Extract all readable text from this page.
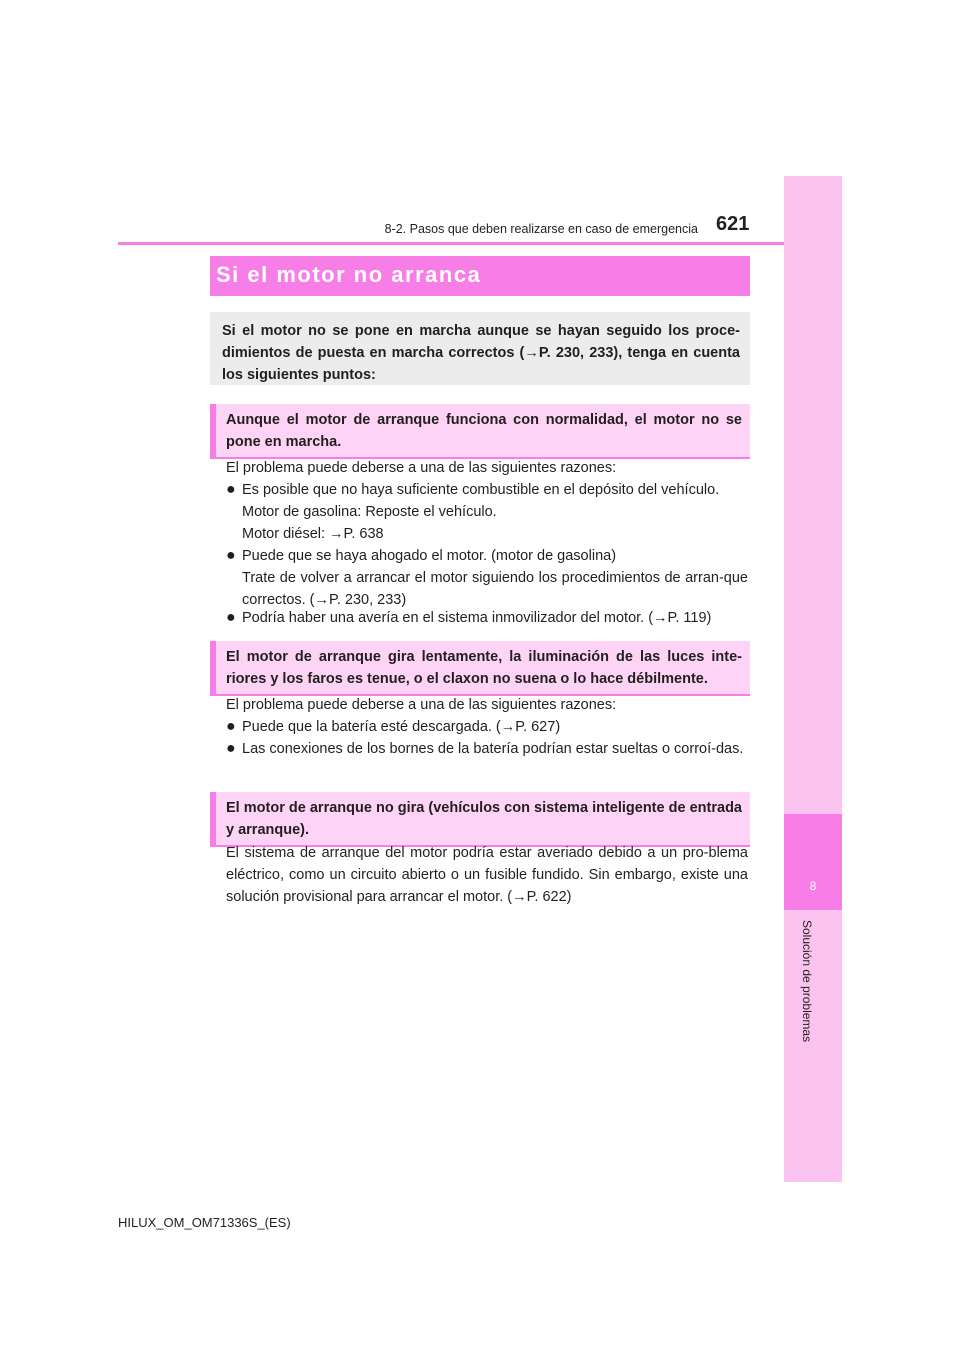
8
Solución de problemas
8-2. Pasos que deben realizarse en caso de emergencia 621
Si el motor no arranca
Si el motor no se pone en marcha aunque se hayan seguido los proce-dimientos de puesta en marcha correctos (→P. 230, 233), tenga en cuenta los siguientes puntos:
Aunque el motor de arranque funciona con normalidad, el motor no se pone en marcha.
El problema puede deberse a una de las siguientes razones:
● Es posible que no haya suficiente combustible en el depósito del vehículo.
Motor de gasolina: Reposte el vehículo.
Motor diésel: →P. 638
● Puede que se haya ahogado el motor. (motor de gasolina)
Trate de volver a arrancar el motor siguiendo los procedimientos de arran-que correctos. (→P. 230, 233)
● Podría haber una avería en el sistema inmovilizador del motor. (→P. 119)
El motor de arranque gira lentamente, la iluminación de las luces inte-riores y los faros es tenue, o el claxon no suena o lo hace débilmente.
El problema puede deberse a una de las siguientes razones:
● Puede que la batería esté descargada. (→P. 627)
● Las conexiones de los bornes de la batería podrían estar sueltas o corroí-das.
El motor de arranque no gira (vehículos con sistema inteligente de entrada y arranque).
El sistema de arranque del motor podría estar averiado debido a un pro-blema eléctrico, como un circuito abierto o un fusible fundido. Sin embargo, existe una solución provisional para arrancar el motor. (→P. 622)
HILUX_OM_OM71336S_(ES)
